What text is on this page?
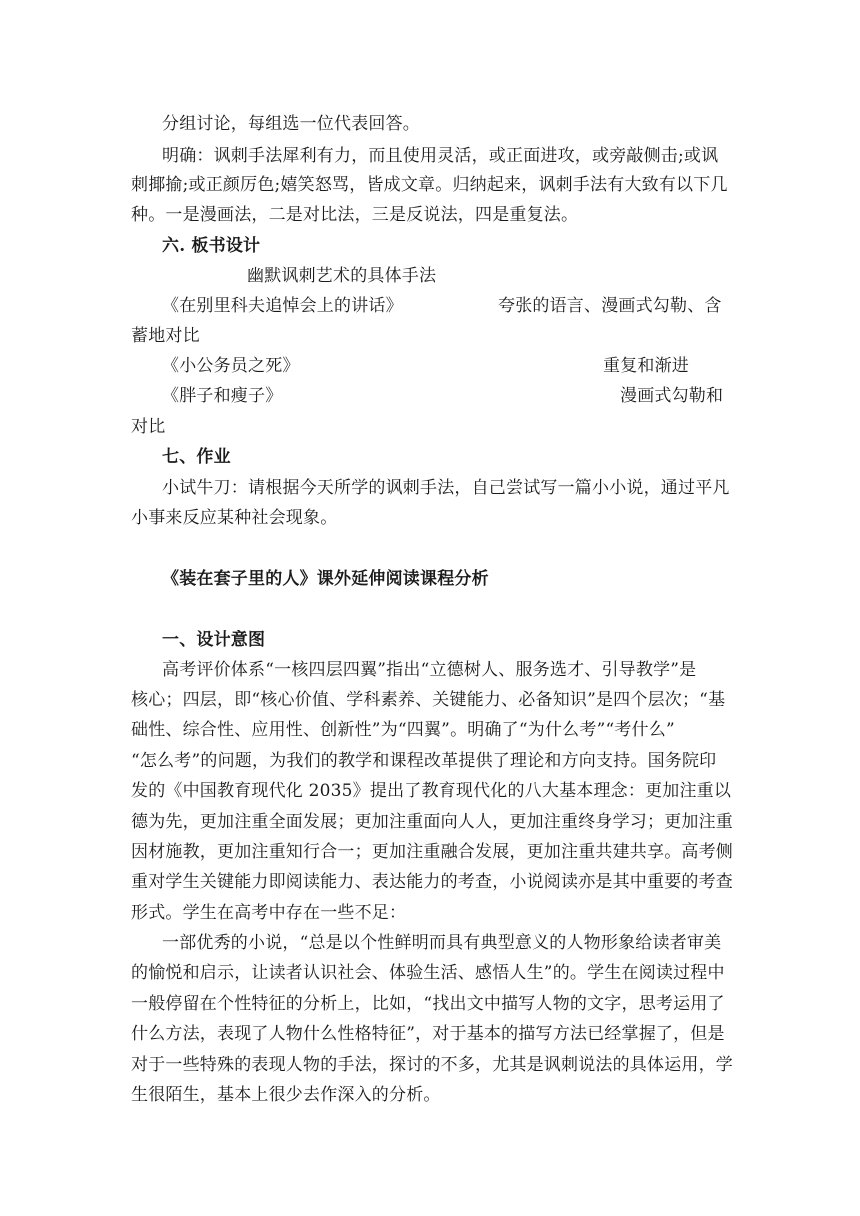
分组讨论，每组选一位代表回答。
明确：讽刺手法犀利有力，而且使用灵活，或正面进攻，或旁敲侧击;或讽
刺揶揄;或正颜厉色;嬉笑怒骂，皆成文章。归纳起来，讽刺手法有大致有以下几
种。一是漫画法，二是对比法，三是反说法，四是重复法。
六. 板书设计
幽默讽刺艺术的具体手法
《在别里科夫追悼会上的讲话》	夸张的语言、漫画式勾勒、含
蓄地对比
《小公务员之死》	重复和渐进
《胖子和瘦子》	漫画式勾勒和
对比
七、作业
小试牛刀：请根据今天所学的讽刺手法，自己尝试写一篇小小说，通过平凡
小事来反应某种社会现象。
《装在套子里的人》课外延伸阅读课程分析
一、设计意图
高考评价体系“一核四层四翼”指出“立德树人、服务选才、引导教学”是
核心；四层，即“核心价值、学科素养、关键能力、必备知识”是四个层次；“基
础性、综合性、应用性、创新性”为“四翼”。明确了“为什么考”“考什么”
“怎么考”的问题，为我们的教学和课程改革提供了理论和方向支持。国务院印
发的《中国教育现代化 2035》提出了教育现代化的八大基本理念：更加注重以
德为先，更加注重全面发展；更加注重面向人人，更加注重终身学习；更加注重
因材施教，更加注重知行合一；更加注重融合发展，更加注重共建共享。高考侧
重对学生关键能力即阅读能力、表达能力的考查，小说阅读亦是其中重要的考查
形式。学生在高考中存在一些不足：
一部优秀的小说，“总是以个性鲜明而具有典型意义的人物形象给读者审美
的愉悦和启示，让读者认识社会、体验生活、感悟人生”的。学生在阅读过程中
一般停留在个性特征的分析上，比如，“找出文中描写人物的文字，思考运用了
什么方法，表现了人物什么性格特征”，对于基本的描写方法已经掌握了，但是
对于一些特殊的表现人物的手法，探讨的不多，尤其是讽刺说法的具体运用，学
生很陌生，基本上很少去作深入的分析。
